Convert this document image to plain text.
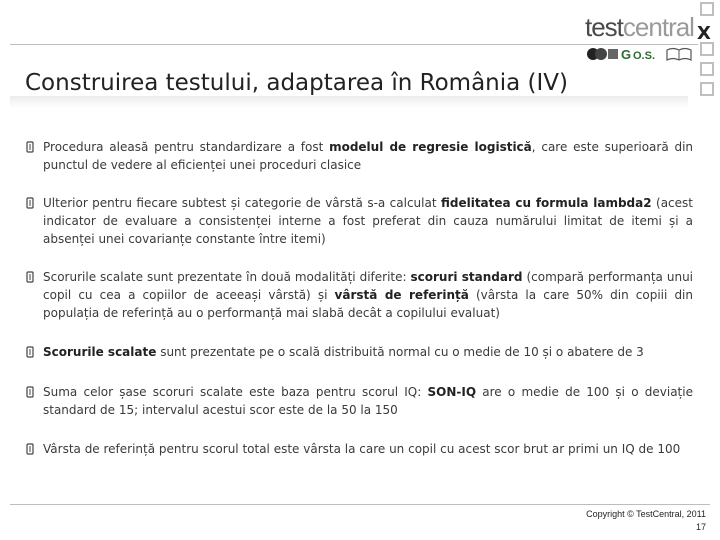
X
testcentral
G O.S.
Construirea testului, adaptarea în România (IV)
Procedura aleasă pentru standardizare a fost modelul de regresie logistică, care este superioară din punctul de vedere al eficienței unei proceduri clasice
Ulterior pentru fiecare subtest și categorie de vârstă s-a calculat fidelitatea cu formula lambda2 (acest indicator de evaluare a consistenței interne a fost preferat din cauza numărului limitat de itemi și a absenței unei covarianțe constante între itemi)
Scorurile scalate sunt prezentate în două modalități diferite: scoruri standard (compară performanța unui copil cu cea a copiilor de aceeași vârstă) și vârstă de referință (vârsta la care 50% din copiii din populația de referință au o performanță mai slabă decât a copilului evaluat)
Scorurile scalate sunt prezentate pe o scală distribuită normal cu o medie de 10 și o abatere de 3
Suma celor șase scoruri scalate este baza pentru scorul IQ: SON-IQ are o medie de 100 și o deviație standard de 15; intervalul acestui scor este de la 50 la 150
Vârsta de referință pentru scorul total este vârsta la care un copil cu acest scor brut ar primi un IQ de 100
Copyright © TestCentral, 2011
17
